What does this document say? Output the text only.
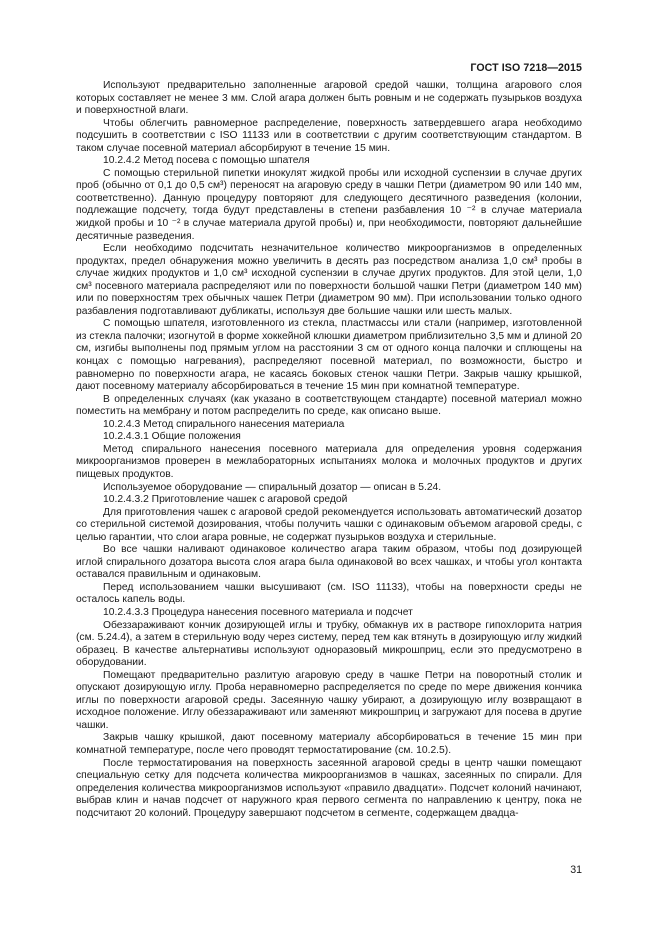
ГОСТ ISO 7218—2015

Используют предварительно заполненные агаровой средой чашки, толщина агарового слоя которых составляет не менее 3 мм. Слой агара должен быть ровным и не содержать пузырьков воздуха и поверхностной влаги.

Чтобы облегчить равномерное распределение, поверхность затвердевшего агара необходимо подсушить в соответствии с ISO 11133 или в соответствии с другим соответствующим стандартом. В таком случае посевной материал абсорбируют в течение 15 мин.

10.2.4.2 Метод посева с помощью шпателя

С помощью стерильной пипетки инокулят жидкой пробы или исходной суспензии в случае других проб (обычно от 0,1 до 0,5 см³) переносят на агаровую среду в чашки Петри (диаметром 90 или 140 мм, соответственно). Данную процедуру повторяют для следующего десятичного разведения (колонии, подлежащие подсчету, тогда будут представлены в степени разбавления 10 ⁻² в случае материала жидкой пробы и 10 ⁻² в случае материала другой пробы) и, при необходимости, повторяют дальнейшие десятичные разведения.

Если необходимо подсчитать незначительное количество микроорганизмов в определенных продуктах, предел обнаружения можно увеличить в десять раз посредством анализа 1,0 см³ пробы в случае жидких продуктов и 1,0 см³ исходной суспензии в случае других продуктов. Для этой цели, 1,0 см³ посевного материала распределяют или по поверхности большой чашки Петри (диаметром 140 мм) или по поверхностям трех обычных чашек Петри (диаметром 90 мм). При использовании только одного разбавления подготавливают дубликаты, используя две большие чашки или шесть малых.

С помощью шпателя, изготовленного из стекла, пластмассы или стали (например, изготовленной из стекла палочки; изогнутой в форме хоккейной клюшки диаметром приблизительно 3,5 мм и длиной 20 см, изгибы выполнены под прямым углом на расстоянии 3 см от одного конца палочки и сплющены на концах с помощью нагревания), распределяют посевной материал, по возможности, быстро и равномерно по поверхности агара, не касаясь боковых стенок чашки Петри. Закрыв чашку крышкой, дают посевному материалу абсорбироваться в течение 15 мин при комнатной температуре.

В определенных случаях (как указано в соответствующем стандарте) посевной материал можно поместить на мембрану и потом распределить по среде, как описано выше.

10.2.4.3 Метод спирального нанесения материала

10.2.4.3.1 Общие положения

Метод спирального нанесения посевного материала для определения уровня содержания микроорганизмов проверен в межлабораторных испытаниях молока и молочных продуктов и других пищевых продуктов.

Используемое оборудование — спиральный дозатор — описан в 5.24.

10.2.4.3.2 Приготовление чашек с агаровой средой

Для приготовления чашек с агаровой средой рекомендуется использовать автоматический дозатор со стерильной системой дозирования, чтобы получить чашки с одинаковым объемом агаровой среды, с целью гарантии, что слои агара ровные, не содержат пузырьков воздуха и стерильные.

Во все чашки наливают одинаковое количество агара таким образом, чтобы под дозирующей иглой спирального дозатора высота слоя агара была одинаковой во всех чашках, и чтобы угол контакта оставался правильным и одинаковым.

Перед использованием чашки высушивают (см. ISO 11133), чтобы на поверхности среды не осталось капель воды.

10.2.4.3.3 Процедура нанесения посевного материала и подсчет

Обеззараживают кончик дозирующей иглы и трубку, обмакнув их в растворе гипохлорита натрия (см. 5.24.4), а затем в стерильную воду через систему, перед тем как втянуть в дозирующую иглу жидкий образец. В качестве альтернативы используют одноразовый микрошприц, если это предусмотрено в оборудовании.

Помещают предварительно разлитую агаровую среду в чашке Петри на поворотный столик и опускают дозирующую иглу. Проба неравномерно распределяется по среде по мере движения кончика иглы по поверхности агаровой среды. Засеянную чашку убирают, а дозирующую иглу возвращают в исходное положение. Иглу обеззараживают или заменяют микрошприц и загружают для посева в другие чашки.

Закрыв чашку крышкой, дают посевному материалу абсорбироваться в течение 15 мин при комнатной температуре, после чего проводят термостатирование (см. 10.2.5).

После термостатирования на поверхность засеянной агаровой среды в центр чашки помещают специальную сетку для подсчета количества микроорганизмов в чашках, засеянных по спирали. Для определения количества микроорганизмов используют «правило двадцати». Подсчет колоний начинают, выбрав клин и начав подсчет от наружного края первого сегмента по направлению к центру, пока не подсчитают 20 колоний. Процедуру завершают подсчетом в сегменте, содержащем двадца-

31
